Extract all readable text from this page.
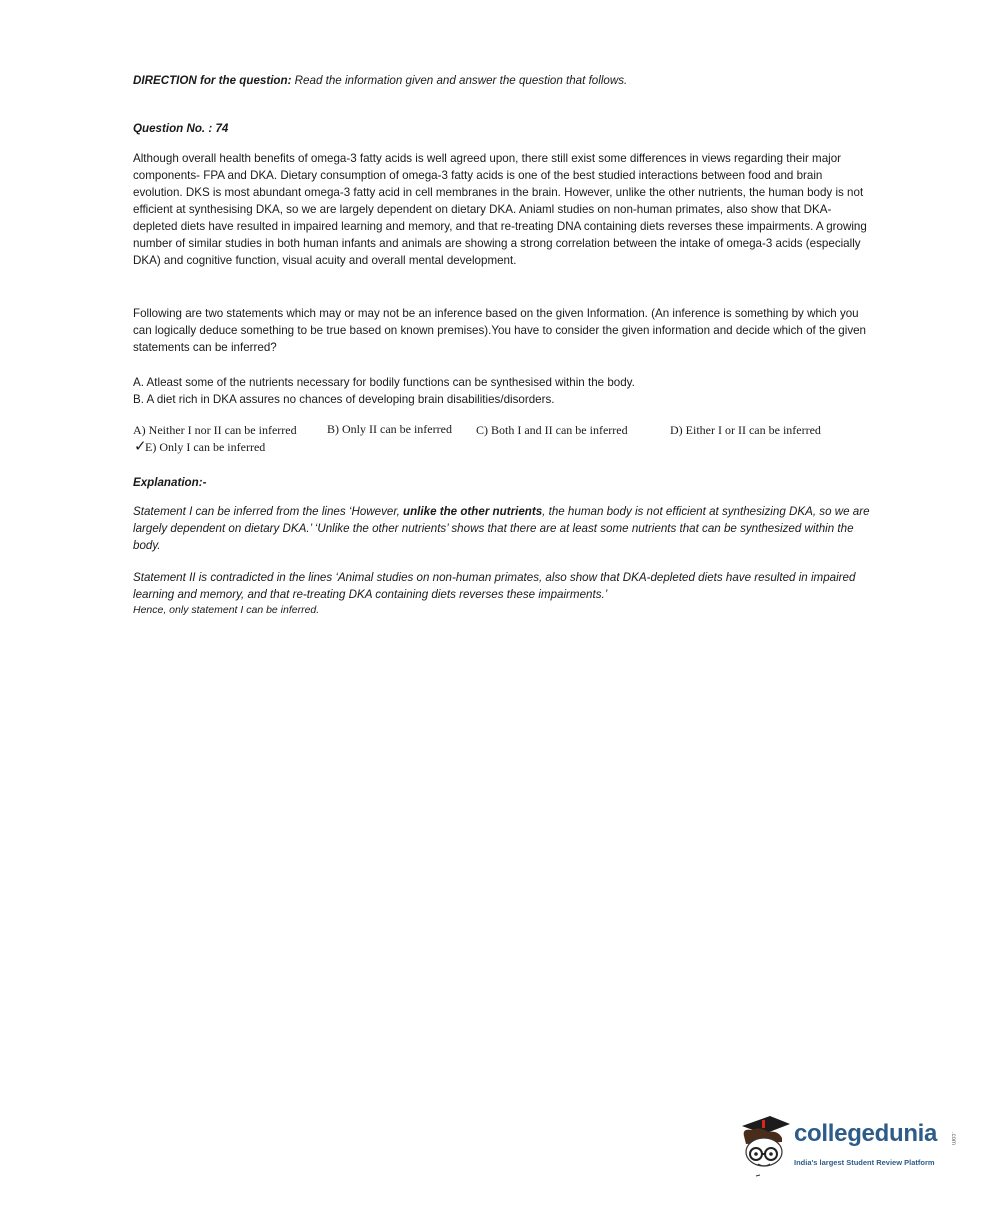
DIRECTION for the question: Read the information given and answer the question that follows.
Question No. : 74
Although overall health benefits of omega-3 fatty acids is well agreed upon, there still exist some differences in views regarding their major components- FPA and DKA. Dietary consumption of omega-3 fatty acids is one of the best studied interactions between food and brain evolution. DKS is most abundant omega-3 fatty acid in cell membranes in the brain. However, unlike the other nutrients, the human body is not efficient at synthesising DKA, so we are largely dependent on dietary DKA. Aniaml studies on non-human primates, also show that DKA-depleted diets have resulted in impaired learning and memory, and that re-treating DNA containing diets reverses these impairments. A growing number of similar studies in both human infants and animals are showing a strong correlation between the intake of omega-3 acids (especially DKA) and cognitive function, visual acuity and overall mental development.
Following are two statements which may or may not be an inference based on the given Information. (An inference is something by which you can logically deduce something to be true based on known premises).You have to consider the given information and decide which of the given statements can be inferred?
A. Atleast some of the nutrients necessary for bodily functions can be synthesised within the body.
B. A diet rich in DKA assures no chances of developing brain disabilities/disorders.
A) Neither I nor II can be inferred	B) Only II can be inferred C) Both I and II can be inferred	D) Either I or II can be inferred
✓
E) Only I can be inferred
Explanation:-
Statement I can be inferred from the lines ‘However, unlike the other nutrients, the human body is not efficient at synthesizing DKA, so we are largely dependent on dietary DKA.’ ‘Unlike the other nutrients’ shows that there are at least some nutrients that can be synthesized within the body.
Statement II is contradicted in the lines ‘Animal studies on non-human primates, also show that DKA-depleted diets have resulted in impaired learning and memory, and that re-treating DKA containing diets reverses these impairments.’
Hence, only statement I can be inferred.
collegedunia .com
India's largest Student Review Platform
